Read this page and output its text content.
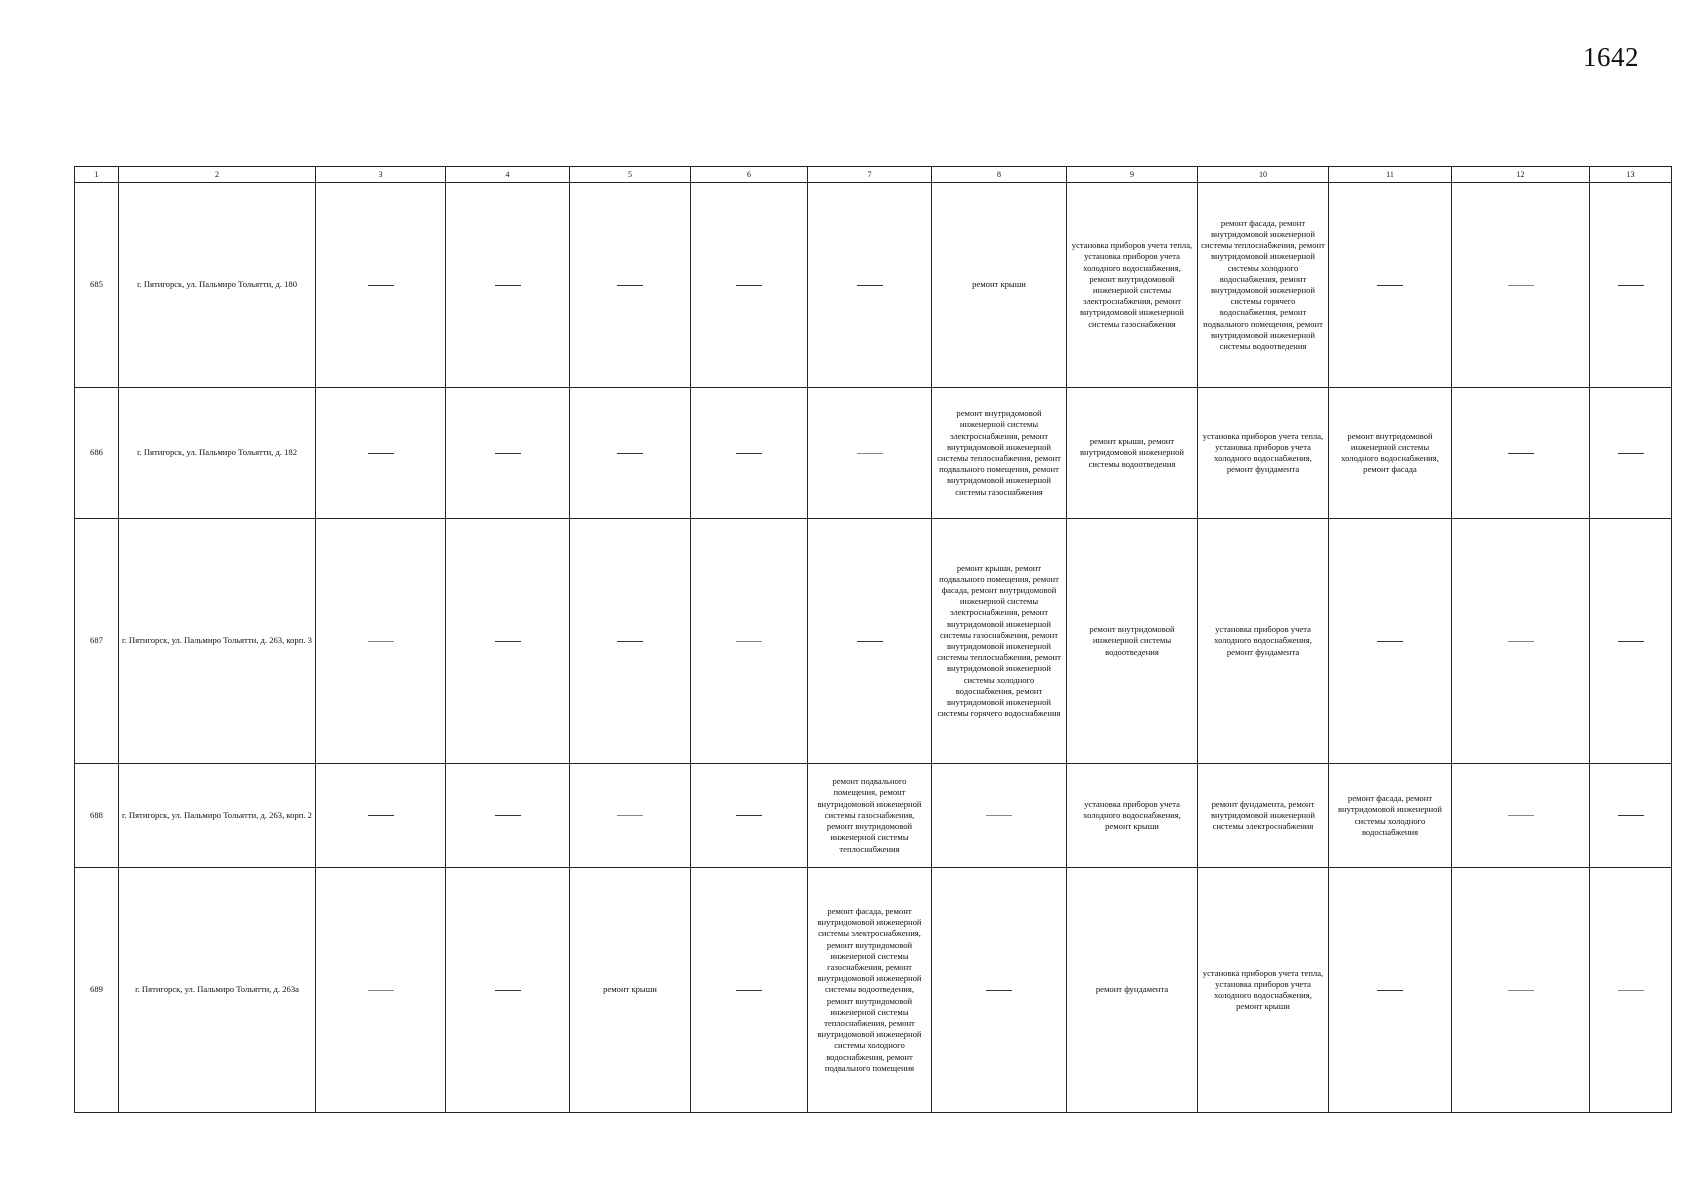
1642
1	2	3	4	5	6	7	8	9	10	11	12	13
685	г. Пятигорск, ул. Пальмиро Тольятти, д. 180						ремонт крыши	установка приборов учета тепла, установка приборов учета холодного водоснабжения, ремонт внутридомовой инженерной системы электроснабжения, ремонт внутридомовой инженерной системы газоснабжения	ремонт фасада, ремонт внутридомовой инженерной системы теплоснабжения, ремонт внутридомовой инженерной системы холодного водоснабжения, ремонт внутридомовой инженерной системы горячего водоснабжения, ремонт подвального помещения, ремонт внутридомовой инженерной системы водоотведения			
686	г. Пятигорск, ул. Пальмиро Тольятти, д. 182						ремонт внутридомовой инженерной системы электроснабжения, ремонт внутридомовой инженерной системы теплоснабжения, ремонт подвального помещения, ремонт внутридомовой инженерной системы газоснабжения	ремонт крыши, ремонт внутридомовой инженерной системы водоотведения	установка приборов учета тепла, установка приборов учета холодного водоснабжения, ремонт фундамента	ремонт внутридомовой инженерной системы холодного водоснабжения, ремонт фасада		
687	г. Пятигорск, ул. Пальмиро Тольятти, д. 263, корп. 3						ремонт крыши, ремонт подвального помещения, ремонт фасада, ремонт внутридомовой инженерной системы электроснабжения, ремонт внутридомовой инженерной системы газоснабжения, ремонт внутридомовой инженерной системы теплоснабжения, ремонт внутридомовой инженерной системы холодного водоснабжения, ремонт внутридомовой инженерной системы горячего водоснабжения	ремонт внутридомовой инженерной системы водоотведения	установка приборов учета холодного водоснабжения, ремонт фундамента			
688	г. Пятигорск, ул. Пальмиро Тольятти, д. 263, корп. 2					ремонт подвального помещения, ремонт внутридомовой инженерной системы газоснабжения, ремонт внутридомовой инженерной системы теплоснабжения		установка приборов учета холодного водоснабжения, ремонт крыши	ремонт фундамента, ремонт внутридомовой инженерной системы электроснабжения	ремонт фасада, ремонт внутридомовой инженерной системы холодного водоснабжения		
689	г. Пятигорск, ул. Пальмиро Тольятти, д. 263а			ремонт крыши		ремонт фасада, ремонт внутридомовой инженерной системы электроснабжения, ремонт внутридомовой инженерной системы газоснабжения, ремонт внутридомовой инженерной системы водоотведения, ремонт внутридомовой инженерной системы теплоснабжения, ремонт внутридомовой инженерной системы холодного водоснабжения, ремонт подвального помещения		ремонт фундамента	установка приборов учета тепла, установка приборов учета холодного водоснабжения, ремонт крыши			
